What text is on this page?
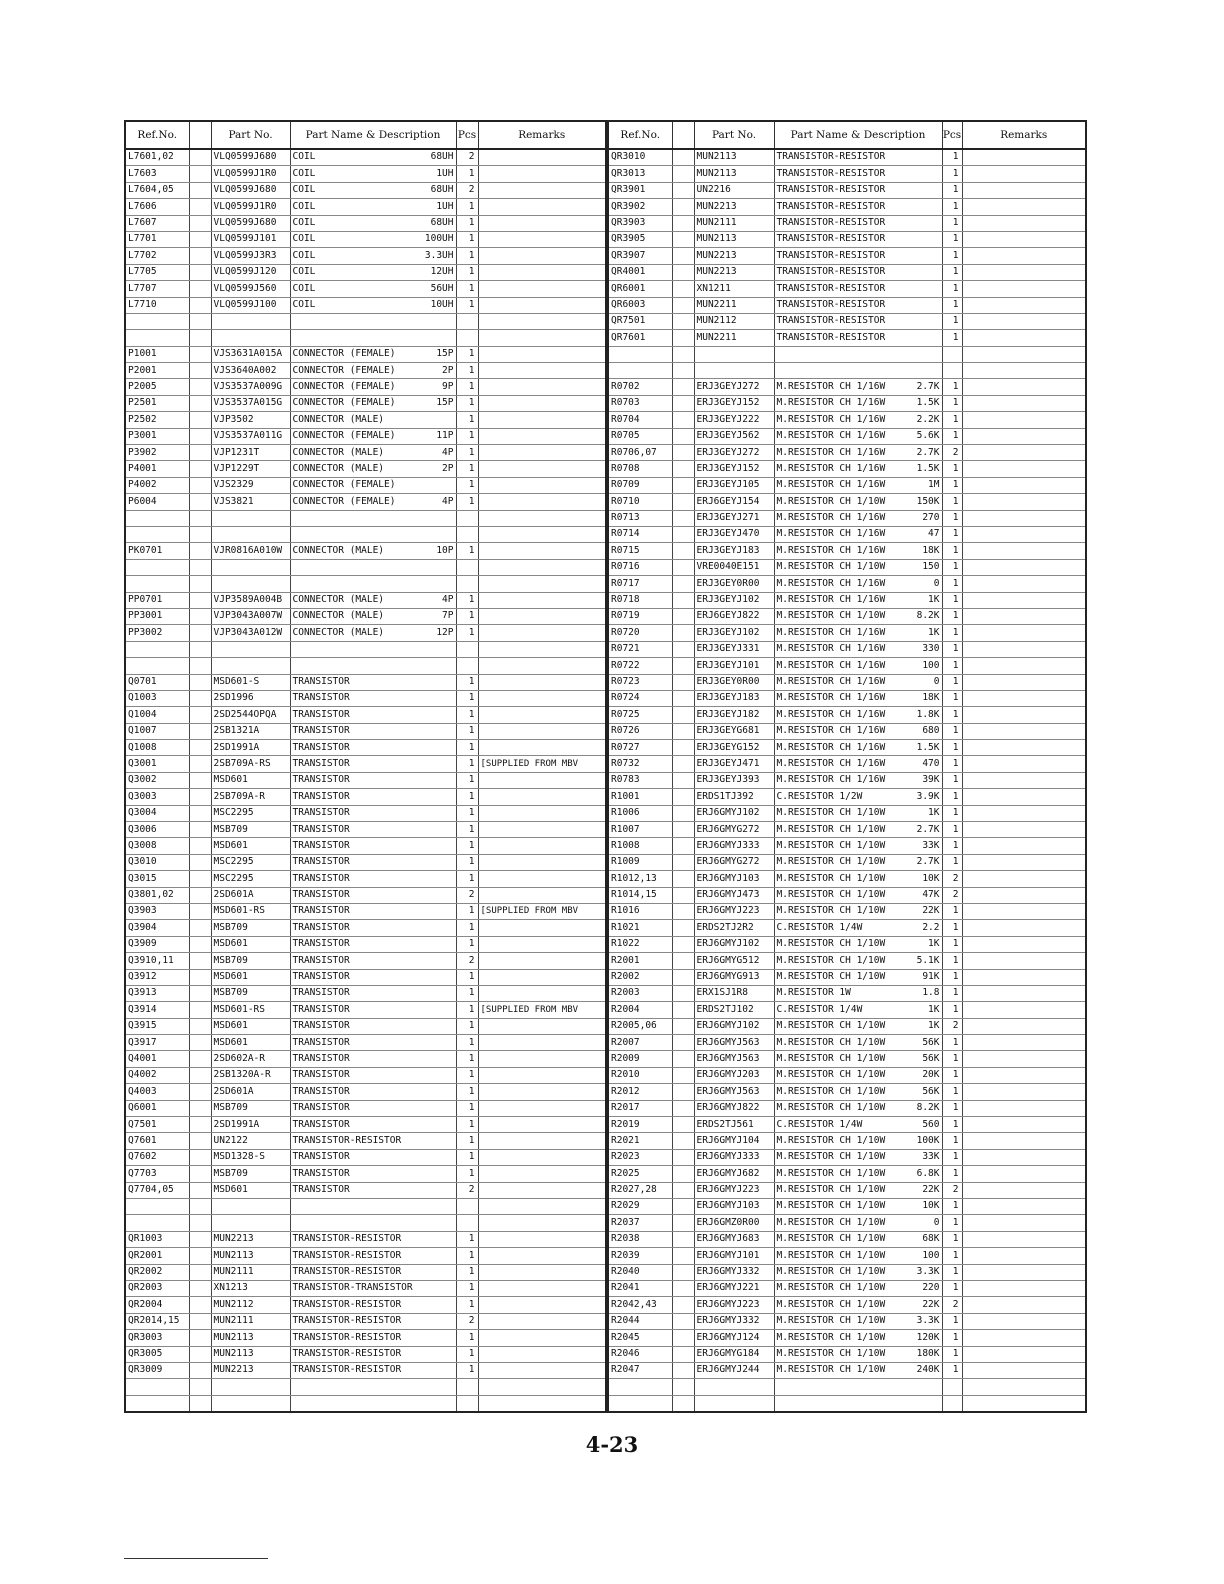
Ref.No.		Part No.	Part Name & Description	Pcs	Remarks
L7601,02		VLQ0599J680	COIL 68UH	2	
L7603		VLQ0599J1R0	COIL 1UH	1	
L7604,05		VLQ0599J680	COIL 68UH	2	
L7606		VLQ0599J1R0	COIL 1UH	1	
L7607		VLQ0599J680	COIL 68UH	1	
L7701		VLQ0599J101	COIL 100UH	1	
L7702		VLQ0599J3R3	COIL 3.3UH	1	
L7705		VLQ0599J120	COIL 12UH	1	
L7707		VLQ0599J560	COIL 56UH	1	
L7710		VLQ0599J100	COIL 10UH	1	

P1001		VJS3631A015A	CONNECTOR (FEMALE) 15P	1	
P2001		VJS3640A002	CONNECTOR (FEMALE) 2P	1	
P2005		VJS3537A009G	CONNECTOR (FEMALE) 9P	1	
P2501		VJS3537A015G	CONNECTOR (FEMALE) 15P	1	
P2502		VJP3502	CONNECTOR (MALE)	1	
P3001		VJS3537A011G	CONNECTOR (FEMALE) 11P	1	
P3902		VJP1231T	CONNECTOR (MALE) 4P	1	
P4001		VJP1229T	CONNECTOR (MALE) 2P	1	
P4002		VJS2329	CONNECTOR (FEMALE)	1	
P6004		VJS3821	CONNECTOR (FEMALE) 4P	1	

PK0701		VJR0816A010W	CONNECTOR (MALE) 10P	1	

PP0701		VJP3589A004B	CONNECTOR (MALE) 4P	1	
PP3001		VJP3043A007W	CONNECTOR (MALE) 7P	1	
PP3002		VJP3043A012W	CONNECTOR (MALE) 12P	1	

Q0701		MSD601-S	TRANSISTOR	1	
Q1003		2SD1996	TRANSISTOR	1	
Q1004		2SD2544OPQA	TRANSISTOR	1	
Q1007		2SB1321A	TRANSISTOR	1	
Q1008		2SD1991A	TRANSISTOR	1	
Q3001		2SB709A-RS	TRANSISTOR	1	[SUPPLIED FROM MBV
Q3002		MSD601	TRANSISTOR	1	
Q3003		2SB709A-R	TRANSISTOR	1	
Q3004		MSC2295	TRANSISTOR	1	
Q3006		MSB709	TRANSISTOR	1	
Q3008		MSD601	TRANSISTOR	1	
Q3010		MSC2295	TRANSISTOR	1	
Q3015		MSC2295	TRANSISTOR	1	
Q3801,02		2SD601A	TRANSISTOR	2	
Q3903		MSD601-RS	TRANSISTOR	1	[SUPPLIED FROM MBV
Q3904		MSB709	TRANSISTOR	1	
Q3909		MSD601	TRANSISTOR	1	
Q3910,11		MSB709	TRANSISTOR	2	
Q3912		MSD601	TRANSISTOR	1	
Q3913		MSB709	TRANSISTOR	1	
Q3914		MSD601-RS	TRANSISTOR	1	[SUPPLIED FROM MBV
Q3915		MSD601	TRANSISTOR	1	
Q3917		MSD601	TRANSISTOR	1	
Q4001		2SD602A-R	TRANSISTOR	1	
Q4002		2SB1320A-R	TRANSISTOR	1	
Q4003		2SD601A	TRANSISTOR	1	
Q6001		MSB709	TRANSISTOR	1	
Q7501		2SD1991A	TRANSISTOR	1	
Q7601		UN2122	TRANSISTOR-RESISTOR	1	
Q7602		MSD1328-S	TRANSISTOR	1	
Q7703		MSB709	TRANSISTOR	1	
Q7704,05		MSD601	TRANSISTOR	2	

QR1003		MUN2213	TRANSISTOR-RESISTOR	1	
QR2001		MUN2113	TRANSISTOR-RESISTOR	1	
QR2002		MUN2111	TRANSISTOR-RESISTOR	1	
QR2003		XN1213	TRANSISTOR-TRANSISTOR	1	
QR2004		MUN2112	TRANSISTOR-RESISTOR	1	
QR2014,15		MUN2111	TRANSISTOR-RESISTOR	2	
QR3003		MUN2113	TRANSISTOR-RESISTOR	1	
QR3005		MUN2113	TRANSISTOR-RESISTOR	1	
QR3009		MUN2213	TRANSISTOR-RESISTOR	1	

Ref.No.		Part No.	Part Name & Description	Pcs	Remarks
QR3010		MUN2113	TRANSISTOR-RESISTOR	1	
QR3013		MUN2113	TRANSISTOR-RESISTOR	1	
QR3901		UN2216	TRANSISTOR-RESISTOR	1	
QR3902		MUN2213	TRANSISTOR-RESISTOR	1	
QR3903		MUN2111	TRANSISTOR-RESISTOR	1	
QR3905		MUN2113	TRANSISTOR-RESISTOR	1	
QR3907		MUN2213	TRANSISTOR-RESISTOR	1	
QR4001		MUN2213	TRANSISTOR-RESISTOR	1	
QR6001		XN1211	TRANSISTOR-RESISTOR	1	
QR6003		MUN2211	TRANSISTOR-RESISTOR	1	
QR7501		MUN2112	TRANSISTOR-RESISTOR	1	
QR7601		MUN2211	TRANSISTOR-RESISTOR	1	

R0702		ERJ3GEYJ272	M.RESISTOR CH 1/16W 2.7K	1	
R0703		ERJ3GEYJ152	M.RESISTOR CH 1/16W 1.5K	1	
R0704		ERJ3GEYJ222	M.RESISTOR CH 1/16W 2.2K	1	
R0705		ERJ3GEYJ562	M.RESISTOR CH 1/16W 5.6K	1	
R0706,07		ERJ3GEYJ272	M.RESISTOR CH 1/16W 2.7K	2	
R0708		ERJ3GEYJ152	M.RESISTOR CH 1/16W 1.5K	1	
R0709		ERJ3GEYJ105	M.RESISTOR CH 1/16W 1M	1	
R0710		ERJ6GEYJ154	M.RESISTOR CH 1/10W 150K	1	
R0713		ERJ3GEYJ271	M.RESISTOR CH 1/16W 270	1	
R0714		ERJ3GEYJ470	M.RESISTOR CH 1/16W 47	1	
R0715		ERJ3GEYJ183	M.RESISTOR CH 1/16W 18K	1	
R0716		VRE0040E151	M.RESISTOR CH 1/10W 150	1	
R0717		ERJ3GEY0R00	M.RESISTOR CH 1/16W 0	1	
R0718		ERJ3GEYJ102	M.RESISTOR CH 1/16W 1K	1	
R0719		ERJ6GEYJ822	M.RESISTOR CH 1/10W 8.2K	1	
R0720		ERJ3GEYJ102	M.RESISTOR CH 1/16W 1K	1	
R0721		ERJ3GEYJ331	M.RESISTOR CH 1/16W 330	1	
R0722		ERJ3GEYJ101	M.RESISTOR CH 1/16W 100	1	
R0723		ERJ3GEY0R00	M.RESISTOR CH 1/16W 0	1	
R0724		ERJ3GEYJ183	M.RESISTOR CH 1/16W 18K	1	
R0725		ERJ3GEYJ182	M.RESISTOR CH 1/16W 1.8K	1	
R0726		ERJ3GEYG681	M.RESISTOR CH 1/16W 680	1	
R0727		ERJ3GEYG152	M.RESISTOR CH 1/16W 1.5K	1	
R0732		ERJ3GEYJ471	M.RESISTOR CH 1/16W 470	1	
R0783		ERJ3GEYJ393	M.RESISTOR CH 1/16W 39K	1	
R1001		ERDS1TJ392	C.RESISTOR 1/2W 3.9K	1	
R1006		ERJ6GMYJ102	M.RESISTOR CH 1/10W 1K	1	
R1007		ERJ6GMYG272	M.RESISTOR CH 1/10W 2.7K	1	
R1008		ERJ6GMYJ333	M.RESISTOR CH 1/10W 33K	1	
R1009		ERJ6GMYG272	M.RESISTOR CH 1/10W 2.7K	1	
R1012,13		ERJ6GMYJ103	M.RESISTOR CH 1/10W 10K	2	
R1014,15		ERJ6GMYJ473	M.RESISTOR CH 1/10W 47K	2	
R1016		ERJ6GMYJ223	M.RESISTOR CH 1/10W 22K	1	
R1021		ERDS2TJ2R2	C.RESISTOR 1/4W 2.2	1	
R1022		ERJ6GMYJ102	M.RESISTOR CH 1/10W 1K	1	
R2001		ERJ6GMYG512	M.RESISTOR CH 1/10W 5.1K	1	
R2002		ERJ6GMYG913	M.RESISTOR CH 1/10W 91K	1	
R2003		ERX1SJ1R8	M.RESISTOR 1W 1.8	1	
R2004		ERDS2TJ102	C.RESISTOR 1/4W 1K	1	
R2005,06		ERJ6GMYJ102	M.RESISTOR CH 1/10W 1K	2	
R2007		ERJ6GMYJ563	M.RESISTOR CH 1/10W 56K	1	
R2009		ERJ6GMYJ563	M.RESISTOR CH 1/10W 56K	1	
R2010		ERJ6GMYJ203	M.RESISTOR CH 1/10W 20K	1	
R2012		ERJ6GMYJ563	M.RESISTOR CH 1/10W 56K	1	
R2017		ERJ6GMYJ822	M.RESISTOR CH 1/10W 8.2K	1	
R2019		ERDS2TJ561	C.RESISTOR 1/4W 560	1	
R2021		ERJ6GMYJ104	M.RESISTOR CH 1/10W 100K	1	
R2023		ERJ6GMYJ333	M.RESISTOR CH 1/10W 33K	1	
R2025		ERJ6GMYJ682	M.RESISTOR CH 1/10W 6.8K	1	
R2027,28		ERJ6GMYJ223	M.RESISTOR CH 1/10W 22K	2	
R2029		ERJ6GMYJ103	M.RESISTOR CH 1/10W 10K	1	
R2037		ERJ6GMZ0R00	M.RESISTOR CH 1/10W 0	1	
R2038		ERJ6GMYJ683	M.RESISTOR CH 1/10W 68K	1	
R2039		ERJ6GMYJ101	M.RESISTOR CH 1/10W 100	1	
R2040		ERJ6GMYJ332	M.RESISTOR CH 1/10W 3.3K	1	
R2041		ERJ6GMYJ221	M.RESISTOR CH 1/10W 220	1	
R2042,43		ERJ6GMYJ223	M.RESISTOR CH 1/10W 22K	2	
R2044		ERJ6GMYJ332	M.RESISTOR CH 1/10W 3.3K	1	
R2045		ERJ6GMYJ124	M.RESISTOR CH 1/10W 120K	1	
R2046		ERJ6GMYG184	M.RESISTOR CH 1/10W 180K	1	
R2047		ERJ6GMYJ244	M.RESISTOR CH 1/10W 240K	1	

4-23
